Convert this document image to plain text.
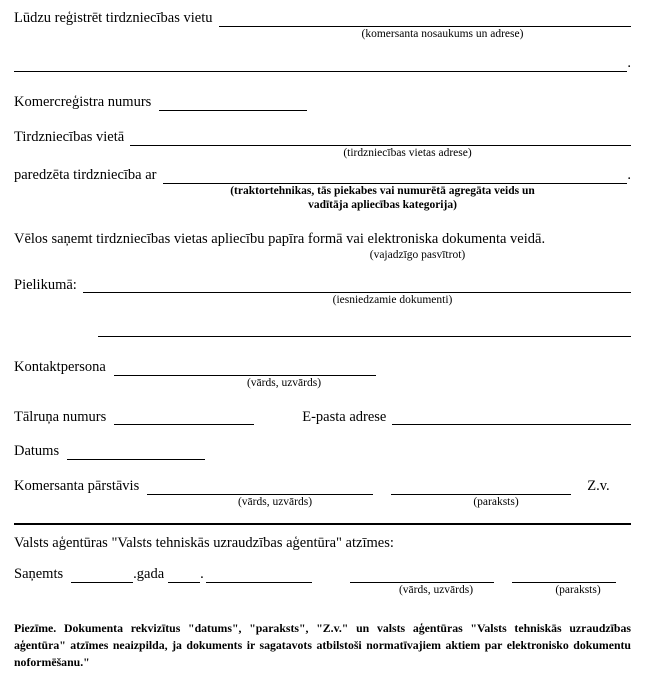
Lūdzu reģistrēt tirdzniecības vietu
(komersanta nosaukums un adrese)
.
Komercreģistra numurs
Tirdzniecības vietā
(tirdzniecības vietas adrese)
paredzēta tirdzniecība ar	.
(traktortehnikas, tās piekabes vai numurētā agregāta veids un
vadītāja apliecības kategorija)
Vēlos saņemt tirdzniecības vietas apliecību papīra formā vai elektroniska dokumenta veidā.
(vajadzīgo pasvītrot)
Pielikumā:
(iesniedzamie dokumenti)
Kontaktpersona
(vārds, uzvārds)
Tālruņa numurs	E-pasta adrese
Datums
Komersanta pārstāvis	Z.v.
(vārds, uzvārds)	(paraksts)
Valsts aģentūras "Valsts tehniskās uzraudzības aģentūra" atzīmes:
Saņemts	.gada .
(vārds, uzvārds)	(paraksts)
Piezīme. Dokumenta rekvizītus "datums", "paraksts", "Z.v." un valsts aģentūras "Valsts tehniskās uzraudzības aģentūra" atzīmes neaizpilda, ja dokuments ir sagatavots atbilstoši normatīvajiem aktiem par elektronisko dokumentu noformēšanu."
